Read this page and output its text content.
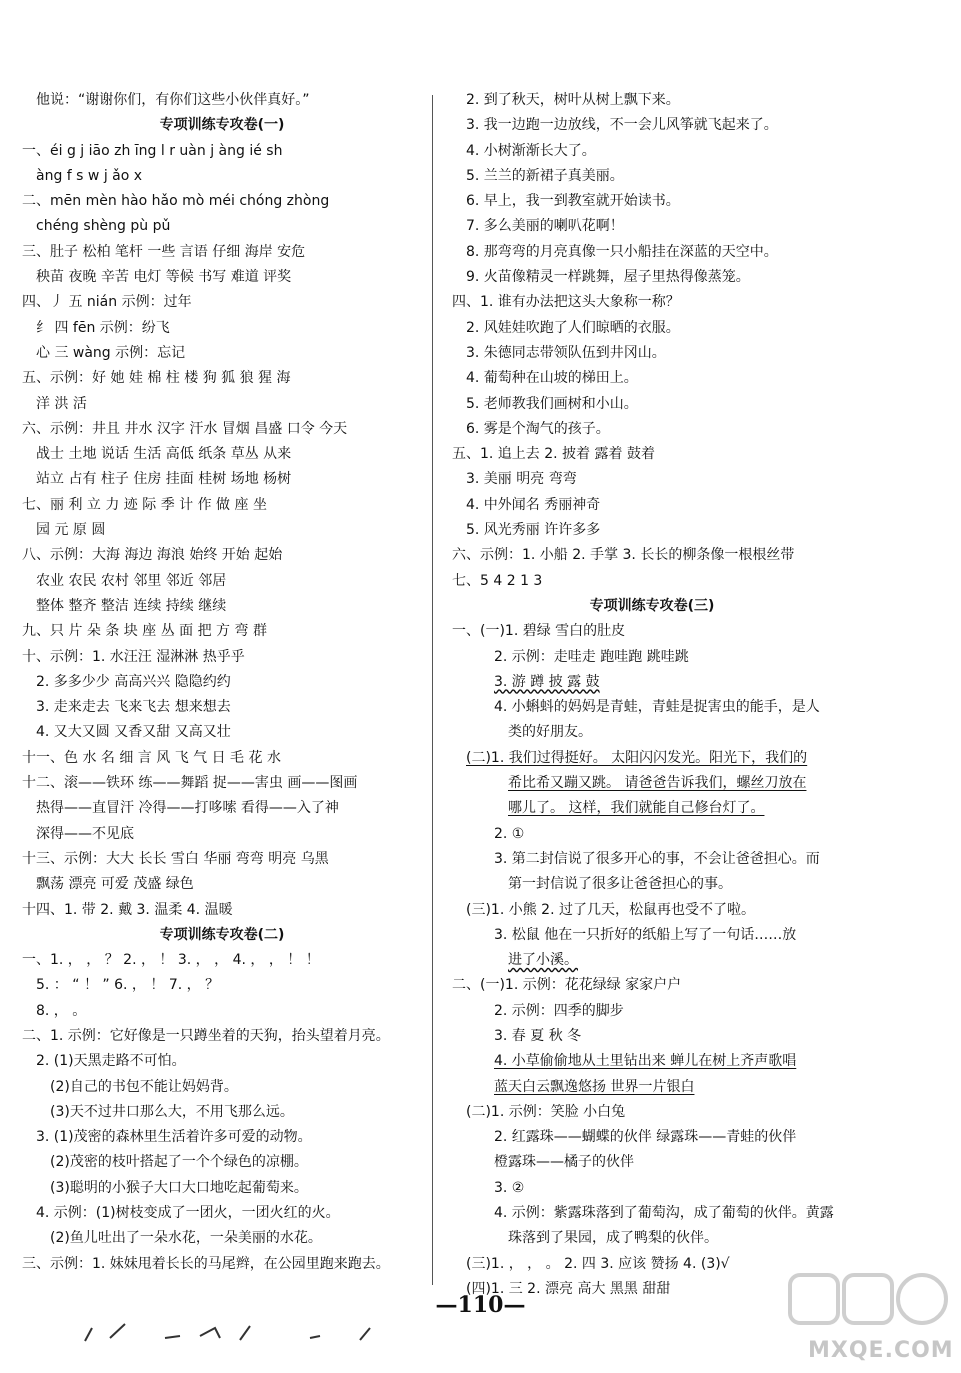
他说：“谢谢你们，有你们这些小伙伴真好。”
专项训练专攻卷(一)
一、éi g j iāo zh īng l r uàn j àng ié sh
àng f s w j ǎo x
二、mēn mèn hào hǎo mò méi chóng zhòng
chéng shèng pù pǔ
三、肚子 松柏 笔杆 一些 言语 仔细 海岸 安危
秧苗 夜晚 辛苦 电灯 等候 书写 难道 评奖
四、丿 五 nián 示例：过年
纟 四 fēn 示例：纷飞
心 三 wàng 示例：忘记
五、示例：好 她 娃 棉 柱 楼 狗 狐 狼 猩 海
洋 洪 活
六、示例：井且 井水 汉字 汗水 冒烟 昌盛 口令 今天
战士 土地 说话 生活 高低 纸条 草丛 从来
站立 占有 柱子 住房 挂面 桂树 场地 杨树
七、丽 利 立 力 迹 际 季 计 作 做 座 坐
园 元 原 圆
八、示例：大海 海边 海浪 始终 开始 起始
农业 农民 农村 邻里 邻近 邻居
整体 整齐 整洁 连续 持续 继续
九、只 片 朵 条 块 座 丛 面 把 方 弯 群
十、示例：1. 水汪汪 湿淋淋 热乎乎
2. 多多少少 高高兴兴 隐隐约约
3. 走来走去 飞来飞去 想来想去
4. 又大又圆 又香又甜 又高又壮
十一、色 水 名 细 言 风 飞 气 日 毛 花 水
十二、滚——铁环 练——舞蹈 捉——害虫 画——图画
热得——直冒汗 冷得——打哆嗦 看得——入了神
深得——不见底
十三、示例：大大 长长 雪白 华丽 弯弯 明亮 乌黑
飘荡 漂亮 可爱 茂盛 绿色
十四、1. 带 2. 戴 3. 温柔 4. 温暖
专项训练专攻卷(二)
一、1. ， ， ？ 2. ， ！ 3. ， ， 4. ， ， ！ ！
5. ： “ ！ ” 6. ， ！ 7. ， ？
8. ， 。
二、1. 示例：它好像是一只蹲坐着的天狗，抬头望着月亮。
2. (1)天黑走路不可怕。
(2)自己的书包不能让妈妈背。
(3)天不过井口那么大，不用飞那么远。
3. (1)茂密的森林里生活着许多可爱的动物。
(2)茂密的枝叶搭起了一个个绿色的凉棚。
(3)聪明的小猴子大口大口地吃起葡萄来。
4. 示例：(1)树枝变成了一团火，一团火红的火。
(2)鱼儿吐出了一朵水花，一朵美丽的水花。
三、示例：1. 妹妹甩着长长的马尾辫，在公园里跑来跑去。
2. 到了秋天，树叶从树上飘下来。
3. 我一边跑一边放线，不一会儿风筝就飞起来了。
4. 小树渐渐长大了。
5. 兰兰的新裙子真美丽。
6. 早上，我一到教室就开始读书。
7. 多么美丽的喇叭花啊！
8. 那弯弯的月亮真像一只小船挂在深蓝的天空中。
9. 火苗像精灵一样跳舞，屋子里热得像蒸笼。
四、1. 谁有办法把这头大象称一称？
2. 风娃娃吹跑了人们晾晒的衣服。
3. 朱德同志带领队伍到井冈山。
4. 葡萄种在山坡的梯田上。
5. 老师教我们画树和小山。
6. 雾是个淘气的孩子。
五、1. 追上去 2. 披着 露着 鼓着
3. 美丽 明亮 弯弯
4. 中外闻名 秀丽神奇
5. 风光秀丽 许许多多
六、示例：1. 小船 2. 手掌 3. 长长的柳条像一根根丝带
七、5 4 2 1 3
专项训练专攻卷(三)
一、(一)1. 碧绿 雪白的肚皮
2. 示例：走哇走 跑哇跑 跳哇跳
3. 游 蹲 披 露 鼓
4. 小蝌蚪的妈妈是青蛙，青蛙是捉害虫的能手，是人
类的好朋友。
(二)1. 我们过得挺好。 太阳闪闪发光。阳光下，我们的
希比希又蹦又跳。 请爸爸告诉我们，螺丝刀放在
哪儿了。 这样，我们就能自己修台灯了。
2. ①
3. 第二封信说了很多开心的事，不会让爸爸担心。而
第一封信说了很多让爸爸担心的事。
(三)1. 小熊 2. 过了几天，松鼠再也受不了啦。
3. 松鼠 他在一只折好的纸船上写了一句话……放
进了小溪。
二、(一)1. 示例：花花绿绿 家家户户
2. 示例：四季的脚步
3. 春 夏 秋 冬
4. 小草偷偷地从土里钻出来 蝉儿在树上齐声歌唱
蓝天白云飘逸悠扬 世界一片银白
(二)1. 示例：笑脸 小白兔
2. 红露珠——蝴蝶的伙伴 绿露珠——青蛙的伙伴
橙露珠——橘子的伙伴
3. ②
4. 示例：紫露珠落到了葡萄沟，成了葡萄的伙伴。黄露
珠落到了果园，成了鸭梨的伙伴。
(三)1. ， ， 。 2. 四 3. 应该 赞扬 4. (3)√
(四)1. 三 2. 漂亮 高大 黑黑 甜甜
—110—
MXQE.COM
